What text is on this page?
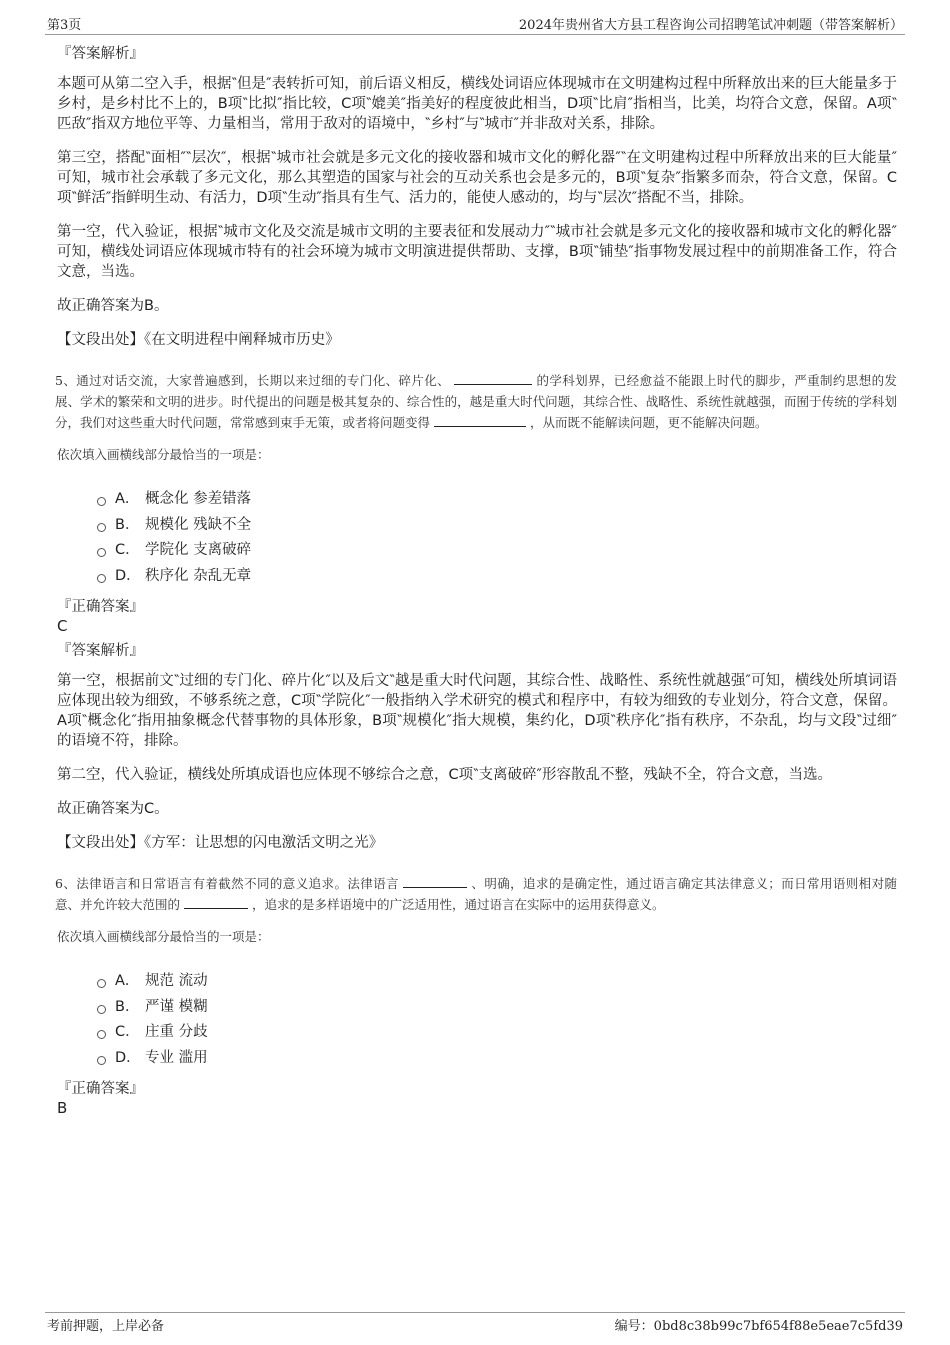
第3页	2024年贵州省大方县工程咨询公司招聘笔试冲刺题（带答案解析）
『答案解析』

本题可从第二空入手，根据‶但是″表转折可知，前后语义相反，横线处词语应体现城市在文明建构过程中所释放出来的巨大能量多于乡村，是乡村比不上的，B项‶比拟″指比较，C项‶媲美″指美好的程度彼此相当，D项‶比肩″指相当，比美，均符合文意，保留。A项‶匹敌″指双方地位平等、力量相当，常用于敌对的语境中，‶乡村″与‶城市″并非敌对关系，排除。

第三空，搭配‶面相″‶层次″，根据‶城市社会就是多元文化的接收器和城市文化的孵化器″‶在文明建构过程中所释放出来的巨大能量″可知，城市社会承载了多元文化，那么其塑造的国家与社会的互动关系也会是多元的，B项‶复杂″指繁多而杂，符合文意，保留。C项‶鲜活″指鲜明生动、有活力，D项‶生动″指具有生气、活力的，能使人感动的，均与‶层次″搭配不当，排除。

第一空，代入验证，根据‶城市文化及交流是城市文明的主要表征和发展动力″‶城市社会就是多元文化的接收器和城市文化的孵化器″可知，横线处词语应体现城市特有的社会环境为城市文明演进提供帮助、支撑，B项‶铺垫″指事物发展过程中的前期准备工作，符合文意，当选。

故正确答案为B。

【文段出处】《在文明进程中阐释城市历史》

5、通过对话交流，大家普遍感到，长期以来过细的专门化、碎片化、	的学科划界，已经愈益不能跟上时代的脚步，严重制约思想的发展、学术的繁荣和文明的进步。时代提出的问题是极其复杂的、综合性的，越是重大时代问题，其综合性、战略性、系统性就越强，而囿于传统的学科划分，我们对这些重大时代问题，常常感到束手无策，或者将问题变得	，从而既不能解读问题，更不能解决问题。

依次填入画横线部分最恰当的一项是：

A． 概念化 参差错落
B． 规模化 残缺不全
C． 学院化 支离破碎
D． 秩序化 杂乱无章
『正确答案』
C
『答案解析』

第一空，根据前文‶过细的专门化、碎片化″以及后文‶越是重大时代问题，其综合性、战略性、系统性就越强″可知，横线处所填词语应体现出较为细致，不够系统之意，C项‶学院化″一般指纳入学术研究的模式和程序中，有较为细致的专业划分，符合文意，保留。A项‶概念化″指用抽象概念代替事物的具体形象，B项‶规模化″指大规模，集约化，D项‶秩序化″指有秩序，不杂乱，均与文段‶过细″的语境不符，排除。

第二空，代入验证，横线处所填成语也应体现不够综合之意，C项‶支离破碎″形容散乱不整，残缺不全，符合文意，当选。

故正确答案为C。

【文段出处】《方军：让思想的闪电激活文明之光》

6、法律语言和日常语言有着截然不同的意义追求。法律语言	、明确，追求的是确定性，通过语言确定其法律意义；而日常用语则相对随意、并允许较大范围的	，追求的是多样语境中的广泛适用性，通过语言在实际中的运用获得意义。

依次填入画横线部分最恰当的一项是：

A． 规范 流动
B． 严谨 模糊
C． 庄重 分歧
D． 专业 滥用
『正确答案』
B
考前押题，上岸必备	编号：0bd8c38b99c7bf654f88e5eae7c5fd39
